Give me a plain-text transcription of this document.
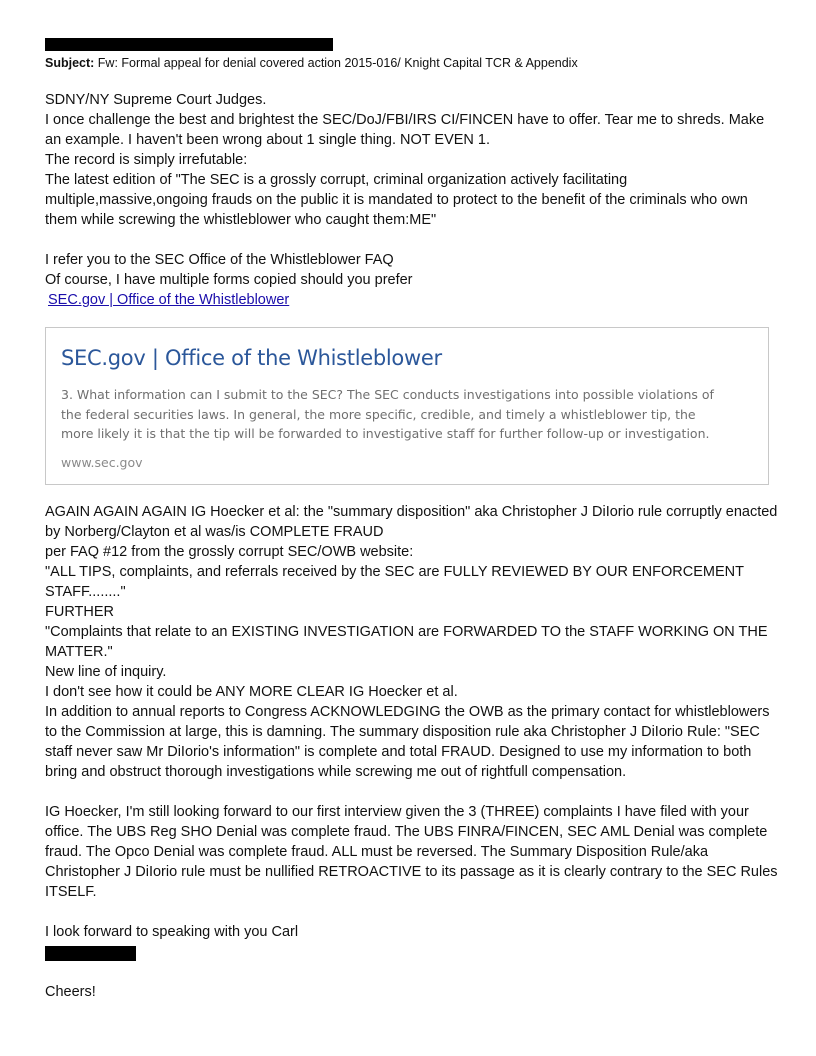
Subject: Fw: Formal appeal for denial covered action 2015-016/ Knight Capital TCR & Appendix
SDNY/NY Supreme Court Judges.
I once challenge the best and brightest the SEC/DoJ/FBI/IRS CI/FINCEN have to offer. Tear me to shreds. Make an example. I haven't been wrong about 1 single thing. NOT EVEN 1.
The record is simply irrefutable:
The latest edition of "The SEC is a grossly corrupt, criminal organization actively facilitating multiple,massive,ongoing frauds on the public it is mandated to protect to the benefit of the criminals who own them while screwing the whistleblower who caught them:ME"
I refer you to the SEC Office of the Whistleblower FAQ
Of course, I have multiple forms copied should you prefer
SEC.gov | Office of the Whistleblower
SEC.gov | Office of the Whistleblower
3. What information can I submit to the SEC? The SEC conducts investigations into possible violations of the federal securities laws. In general, the more specific, credible, and timely a whistleblower tip, the more likely it is that the tip will be forwarded to investigative staff for further follow-up or investigation.
www.sec.gov
AGAIN AGAIN AGAIN IG Hoecker et al: the "summary disposition" aka Christopher J DiIorio rule corruptly enacted by Norberg/Clayton et al was/is COMPLETE FRAUD
per FAQ #12 from the grossly corrupt SEC/OWB website:
"ALL TIPS, complaints, and referrals received by the SEC are FULLY REVIEWED BY OUR ENFORCEMENT STAFF........"
FURTHER
"Complaints that relate to an EXISTING INVESTIGATION are FORWARDED TO the STAFF WORKING ON THE MATTER."
New line of inquiry.
I don't see how it could be ANY MORE CLEAR IG Hoecker et al.
In addition to annual reports to Congress ACKNOWLEDGING the OWB as the primary contact for whistleblowers to the Commission at large, this is damning. The summary disposition rule aka Christopher J DiIorio Rule: "SEC staff never saw Mr DiIorio's information" is complete and total FRAUD. Designed to use my information to both bring and obstruct thorough investigations while screwing me out of rightfull compensation.
IG Hoecker, I'm still looking forward to our first interview given the 3 (THREE) complaints I have filed with your office. The UBS Reg SHO Denial was complete fraud. The UBS FINRA/FINCEN, SEC AML Denial was complete fraud. The Opco Denial was complete fraud. ALL must be reversed. The Summary Disposition Rule/aka Christopher J DiIorio rule must be nullified RETROACTIVE to its passage as it is clearly contrary to the SEC Rules ITSELF.
I look forward to speaking with you Carl
Cheers!
